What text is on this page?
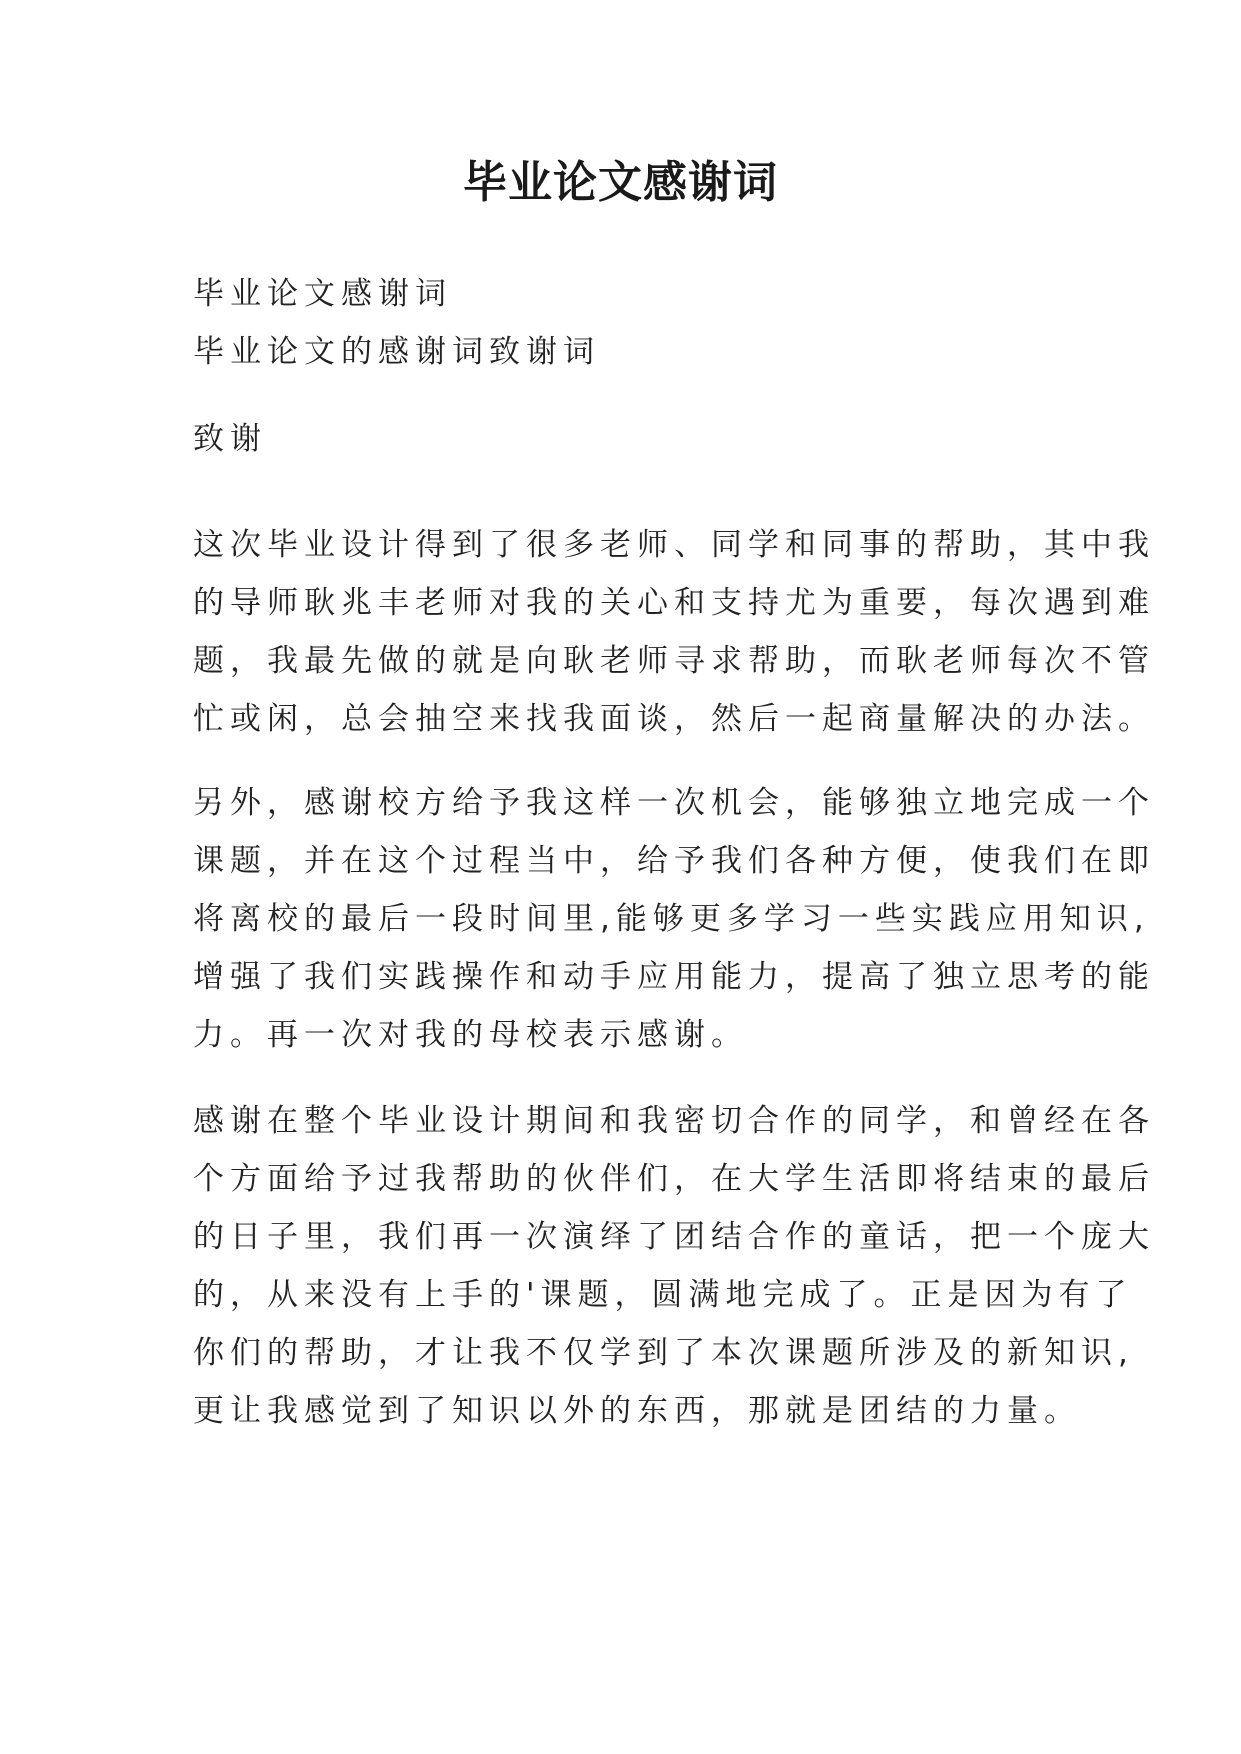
毕业论文感谢词
毕业论文感谢词
毕业论文的感谢词致谢词
致谢
这次毕业设计得到了很多老师、同学和同事的帮助，其中我
的导师耿兆丰老师对我的关心和支持尤为重要，每次遇到难
题，我最先做的就是向耿老师寻求帮助，而耿老师每次不管
忙或闲，总会抽空来找我面谈，然后一起商量解决的办法。
另外，感谢校方给予我这样一次机会，能够独立地完成一个
课题，并在这个过程当中，给予我们各种方便，使我们在即
将离校的最后一段时间里,能够更多学习一些实践应用知识,
增强了我们实践操作和动手应用能力，提高了独立思考的能
力。再一次对我的母校表示感谢。
感谢在整个毕业设计期间和我密切合作的同学，和曾经在各
个方面给予过我帮助的伙伴们，在大学生活即将结束的最后
的日子里，我们再一次演绎了团结合作的童话，把一个庞大
的，从来没有上手的'课题，圆满地完成了。正是因为有了
你们的帮助，才让我不仅学到了本次课题所涉及的新知识,
更让我感觉到了知识以外的东西，那就是团结的力量。
